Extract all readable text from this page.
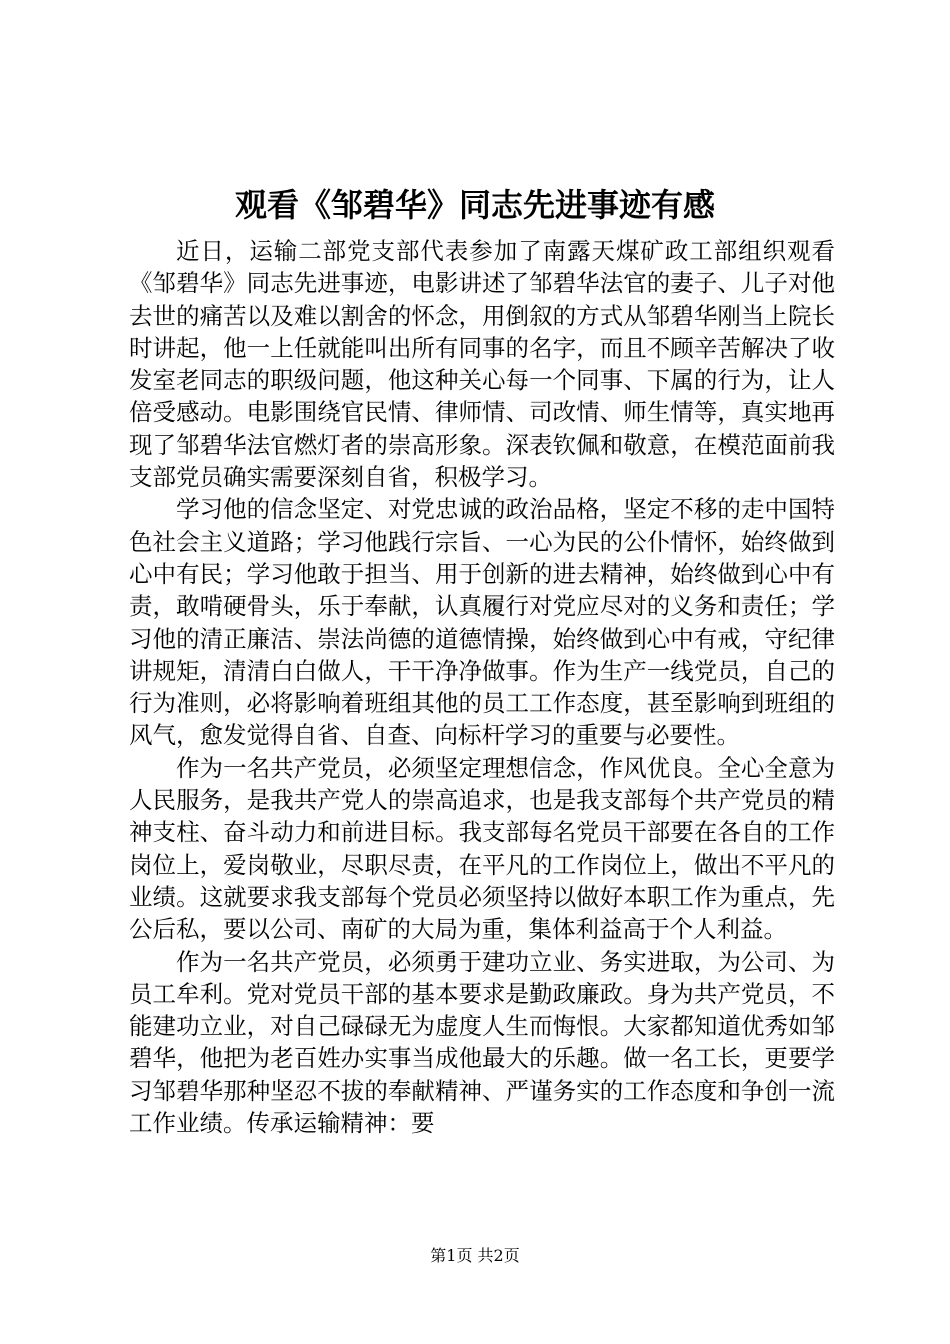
观看《邹碧华》同志先进事迹有感

近日，运输二部党支部代表参加了南露天煤矿政工部组织观看《邹碧华》同志先进事迹，电影讲述了邹碧华法官的妻子、儿子对他去世的痛苦以及难以割舍的怀念，用倒叙的方式从邹碧华刚当上院长时讲起，他一上任就能叫出所有同事的名字，而且不顾辛苦解决了收发室老同志的职级问题，他这种关心每一个同事、下属的行为，让人倍受感动。电影围绕官民情、律师情、司改情、师生情等，真实地再现了邹碧华法官燃灯者的崇高形象。深表钦佩和敬意，在模范面前我支部党员确实需要深刻自省，积极学习。

学习他的信念坚定、对党忠诚的政治品格，坚定不移的走中国特色社会主义道路；学习他践行宗旨、一心为民的公仆情怀，始终做到心中有民；学习他敢于担当、用于创新的进去精神，始终做到心中有责，敢啃硬骨头，乐于奉献，认真履行对党应尽对的义务和责任；学习他的清正廉洁、崇法尚德的道德情操，始终做到心中有戒，守纪律讲规矩，清清白白做人，干干净净做事。作为生产一线党员，自己的行为准则，必将影响着班组其他的员工工作态度，甚至影响到班组的风气，愈发觉得自省、自查、向标杆学习的重要与必要性。

作为一名共产党员，必须坚定理想信念，作风优良。全心全意为人民服务，是我共产党人的崇高追求，也是我支部每个共产党员的精神支柱、奋斗动力和前进目标。我支部每名党员干部要在各自的工作岗位上，爱岗敬业，尽职尽责，在平凡的工作岗位上，做出不平凡的业绩。这就要求我支部每个党员必须坚持以做好本职工作为重点，先公后私，要以公司、南矿的大局为重，集体利益高于个人利益。

作为一名共产党员，必须勇于建功立业、务实进取，为公司、为员工牟利。党对党员干部的基本要求是勤政廉政。身为共产党员，不能建功立业，对自己碌碌无为虚度人生而悔恨。大家都知道优秀如邹碧华，他把为老百姓办实事当成他最大的乐趣。做一名工长，更要学习邹碧华那种坚忍不拔的奉献精神、严谨务实的工作态度和争创一流工作业绩。传承运输精神：要

第1页 共2页
